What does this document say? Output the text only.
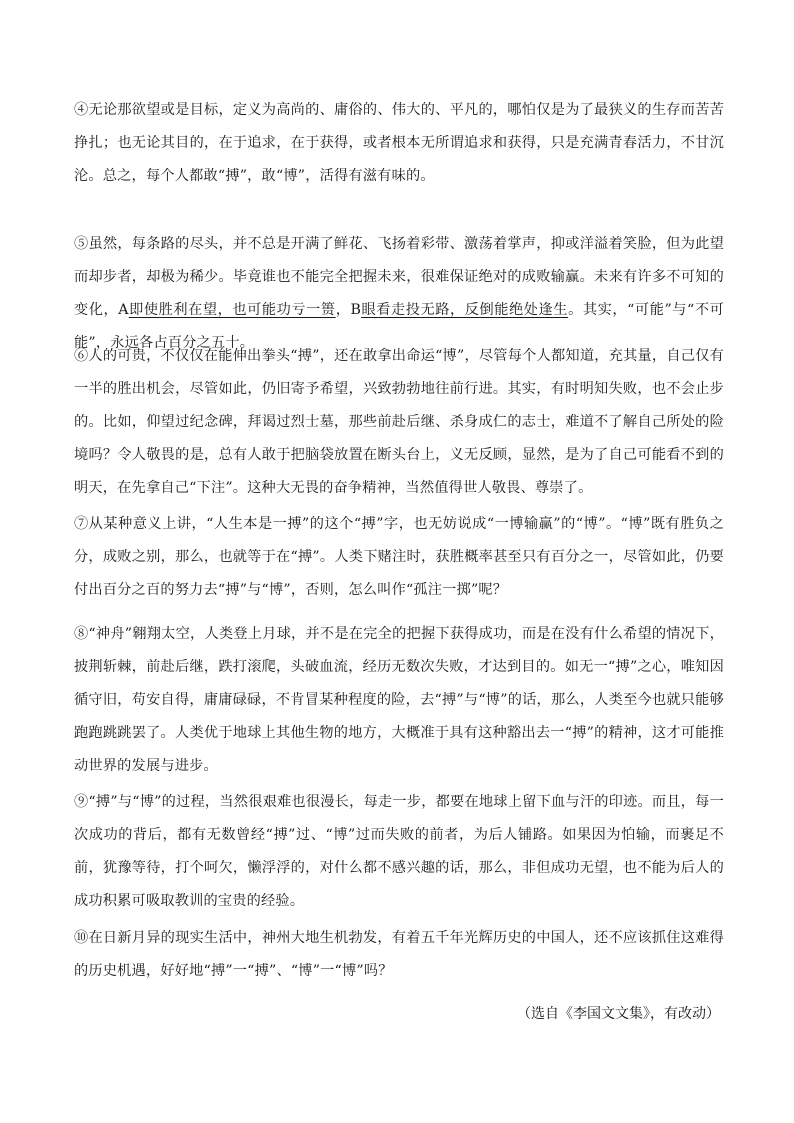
④无论那欲望或是目标，定义为高尚的、庸俗的、伟大的、平凡的，哪怕仅是为了最狭义的生存而苦苦挣扎；也无论其目的，在于追求，在于获得，或者根本无所谓追求和获得，只是充满青春活力，不甘沉沦。总之，每个人都敢“搏”，敢“博”，活得有滋有味的。

⑤虽然，每条路的尽头，并不总是开满了鲜花、飞扬着彩带、激荡着掌声，抑或洋溢着笑脸，但为此望而却步者，却极为稀少。毕竟谁也不能完全把握未来，很难保证绝对的成败输赢。未来有许多不可知的变化，A即使胜利在望，也可能功亏一篑，B眼看走投无路，反倒能绝处逢生。其实，“可能”与“不可能”，永远各占百分之五十。

⑥人的可贵，不仅仅在能伸出拳头“搏”，还在敢拿出命运“博”，尽管每个人都知道，充其量，自己仅有一半的胜出机会，尽管如此，仍旧寄予希望，兴致勃勃地往前行进。其实，有时明知失败，也不会止步的。比如，仰望过纪念碑，拜谒过烈士墓，那些前赴后继、杀身成仁的志士，难道不了解自己所处的险境吗？令人敬畏的是，总有人敢于把脑袋放置在断头台上，义无反顾，显然，是为了自己可能看不到的明天，在先拿自己“下注”。这种大无畏的奋争精神，当然值得世人敬畏、尊崇了。

⑦从某种意义上讲，“人生本是一搏”的这个“搏”字，也无妨说成“一博输赢”的“博”。“博”既有胜负之分，成败之别，那么，也就等于在“搏”。人类下赌注时，获胜概率甚至只有百分之一，尽管如此，仍要付出百分之百的努力去“搏”与“博”，否则，怎么叫作“孤注一掷”呢？

⑧“神舟”翱翔太空，人类登上月球，并不是在完全的把握下获得成功，而是在没有什么希望的情况下，披荆斩棘，前赴后继，跌打滚爬，头破血流，经历无数次失败，才达到目的。如无一“搏”之心，唯知因循守旧，苟安自得，庸庸碌碌，不肯冒某种程度的险，去“搏”与“博”的话，那么，人类至今也就只能够跑跑跳跳罢了。人类优于地球上其他生物的地方，大概准于具有这种豁出去一“搏”的精神，这才可能推动世界的发展与进步。

⑨“搏”与“博”的过程，当然很艰难也很漫长，每走一步，都要在地球上留下血与汗的印迹。而且，每一次成功的背后，都有无数曾经“搏”过、“博”过而失败的前者，为后人铺路。如果因为怕输，而裹足不前，犹豫等待，打个呵欠，懒浮浮的，对什么都不感兴趣的话，那么，非但成功无望，也不能为后人的成功积累可吸取教训的宝贵的经验。

⑩在日新月异的现实生活中，神州大地生机勃发，有着五千年光辉历史的中国人，还不应该抓住这难得的历史机遇，好好地“搏”一“搏”、“博”一“博”吗？

（选自《李国文文集》，有改动）
